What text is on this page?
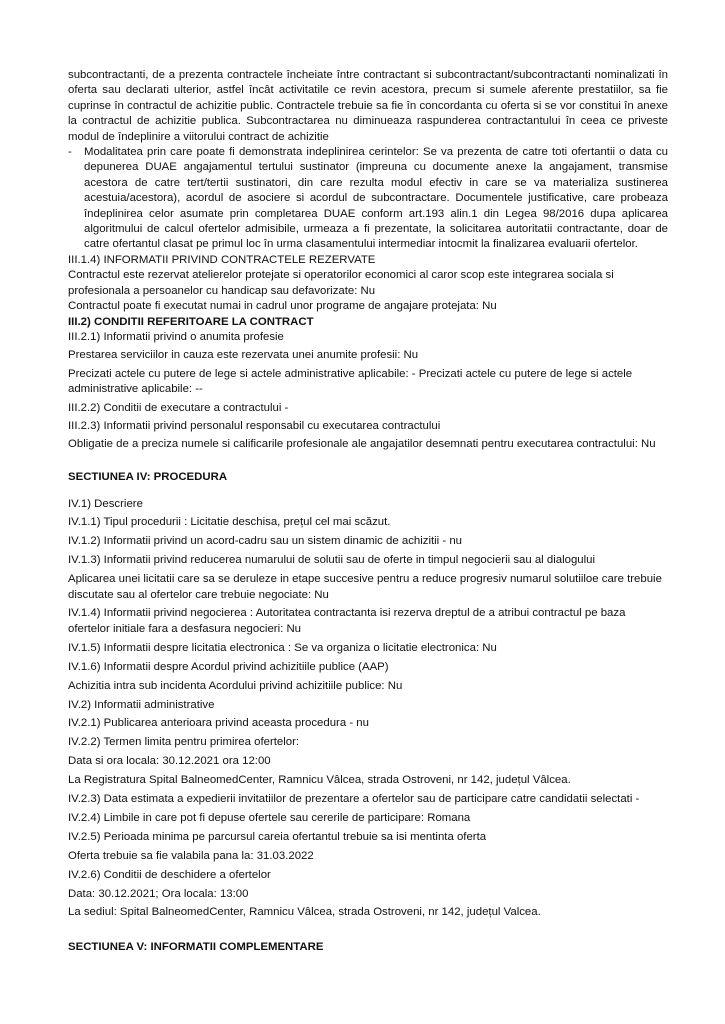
subcontractanti, de a prezenta contractele încheiate între contractant si subcontractant/subcontractanti nominalizati în oferta sau declarati ulterior, astfel încât activitatile ce revin acestora, precum si sumele aferente prestatiilor, sa fie cuprinse în contractul de achizitie public. Contractele trebuie sa fie în concordanta cu oferta si se vor constitui în anexe la contractul de achizitie publica. Subcontractarea nu diminueaza raspunderea contractantului în ceea ce priveste modul de îndeplinire a viitorului contract de achizitie

-	Modalitatea prin care poate fi demonstrata indeplinirea cerintelor: Se va prezenta de catre toti ofertantii o data cu depunerea DUAE angajamentul tertului sustinator (impreuna cu documente anexe la angajament, transmise acestora de catre tert/tertii sustinatori, din care rezulta modul efectiv in care se va materializa sustinerea acestuia/acestora), acordul de asociere si acordul de subcontractare. Documentele justificative, care probeaza îndeplinirea celor asumate prin completarea DUAE conform art.193 alin.1 din Legea 98/2016 dupa aplicarea algoritmului de calcul ofertelor admisibile, urmeaza a fi prezentate, la solicitarea autoritatii contractante, doar de catre ofertantul clasat pe primul loc în urma clasamentului intermediar intocmit la finalizarea evaluarii ofertelor.

III.1.4) INFORMATII PRIVIND CONTRACTELE REZERVATE

Contractul este rezervat atelierelor protejate si operatorilor economici al caror scop este integrarea sociala si profesionala a persoanelor cu handicap sau defavorizate: Nu

Contractul poate fi executat numai in cadrul unor programe de angajare protejata: Nu

III.2) CONDITII REFERITOARE LA CONTRACT

III.2.1) Informatii privind o anumita profesie

Prestarea serviciilor in cauza este rezervata unei anumite profesii: Nu

Precizati actele cu putere de lege si actele administrative aplicabile: - Precizati actele cu putere de lege si actele administrative aplicabile: --

III.2.2) Conditii de executare a contractului -

III.2.3) Informatii privind personalul responsabil cu executarea contractului

Obligatie de a preciza numele si calificarile profesionale ale angajatilor desemnati pentru executarea contractului: Nu

SECTIUNEA IV: PROCEDURA

IV.1) Descriere
IV.1.1) Tipul procedurii : Licitatie deschisa, prețul cel mai scăzut.
IV.1.2) Informatii privind un acord-cadru sau un sistem dinamic de achizitii - nu
IV.1.3) Informatii privind reducerea numarului de solutii sau de oferte in timpul negocierii sau al dialogului
Aplicarea unei licitatii care sa se deruleze in etape succesive pentru a reduce progresiv numarul solutiiloe care trebuie discutate sau al ofertelor care trebuie negociate: Nu
IV.1.4) Informatii privind negocierea : Autoritatea contractanta isi rezerva dreptul de a atribui contractul pe baza ofertelor initiale fara a desfasura negocieri: Nu
IV.1.5) Informatii despre licitatia electronica : Se va organiza o licitatie electronica: Nu
IV.1.6) Informatii despre Acordul privind achizitiile publice (AAP)
Achizitia intra sub incidenta Acordului privind achizitiile publice: Nu
IV.2) Informatii administrative
IV.2.1) Publicarea anterioara privind aceasta procedura - nu
IV.2.2) Termen limita pentru primirea ofertelor:
Data si ora locala: 30.12.2021 ora 12:00
La Registratura Spital BalneomedCenter, Ramnicu Vâlcea, strada Ostroveni, nr 142, județul Vâlcea.
IV.2.3) Data estimata a expedierii invitatiilor de prezentare a ofertelor sau de participare catre candidatii selectati -
IV.2.4) Limbile in care pot fi depuse ofertele sau cererile de participare: Romana
IV.2.5) Perioada minima pe parcursul careia ofertantul trebuie sa isi mentinta oferta
Oferta trebuie sa fie valabila pana la: 31.03.2022
IV.2.6) Conditii de deschidere a ofertelor
Data: 30.12.2021; Ora locala: 13:00
La sediul: Spital BalneomedCenter, Ramnicu Vâlcea, strada Ostroveni, nr 142, județul Valcea.

SECTIUNEA V: INFORMATII COMPLEMENTARE
